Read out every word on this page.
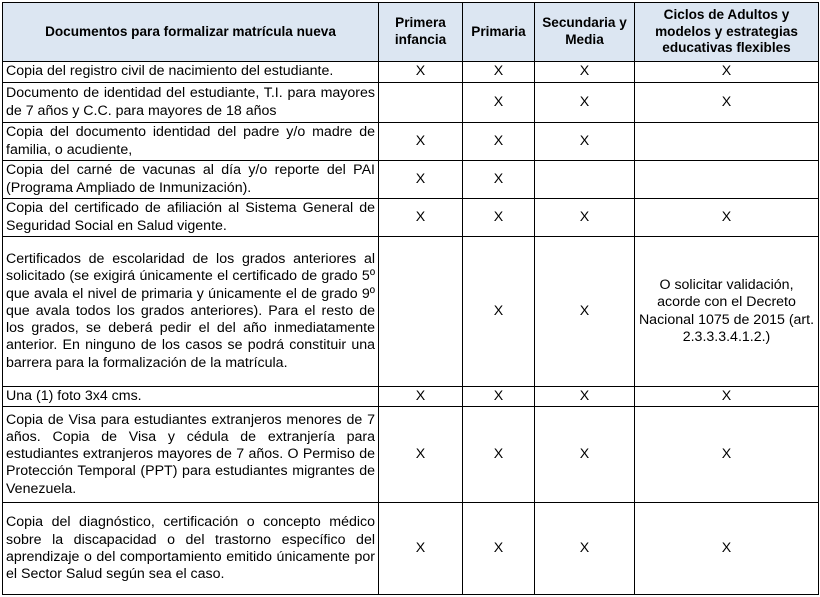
Documentos para formalizar matrícula nueva	Primera infancia	Primaria	Secundaria y Media	Ciclos de Adultos y modelos y estrategias educativas flexibles
Copia del registro civil de nacimiento del estudiante.	X	X	X	X
Documento de identidad del estudiante, T.I. para mayores de 7 años y C.C. para mayores de 18 años		X	X	X
Copia del documento identidad del padre y/o madre de familia, o acudiente,	X	X	X	
Copia del carné de vacunas al día y/o reporte del PAI (Programa Ampliado de Inmunización).	X	X		
Copia del certificado de afiliación al Sistema General de Seguridad Social en Salud vigente.	X	X	X	X
Certificados de escolaridad de los grados anteriores al solicitado (se exigirá únicamente el certificado de grado 5º que avala el nivel de primaria y únicamente el de grado 9º que avala todos los grados anteriores). Para el resto de los grados, se deberá pedir el del año inmediatamente anterior. En ninguno de los casos se podrá constituir una barrera para la formalización de la matrícula.		X	X	O solicitar validación, acorde con el Decreto Nacional 1075 de 2015 (art. 2.3.3.3.4.1.2.)
Una (1) foto 3x4 cms.	X	X	X	X
Copia de Visa para estudiantes extranjeros menores de 7 años. Copia de Visa y cédula de extranjería para estudiantes extranjeros mayores de 7 años. O Permiso de Protección Temporal (PPT) para estudiantes migrantes de Venezuela.	X	X	X	X
Copia del diagnóstico, certificación o concepto médico sobre la discapacidad o del trastorno específico del aprendizaje o del comportamiento emitido únicamente por el Sector Salud según sea el caso.	X	X	X	X
